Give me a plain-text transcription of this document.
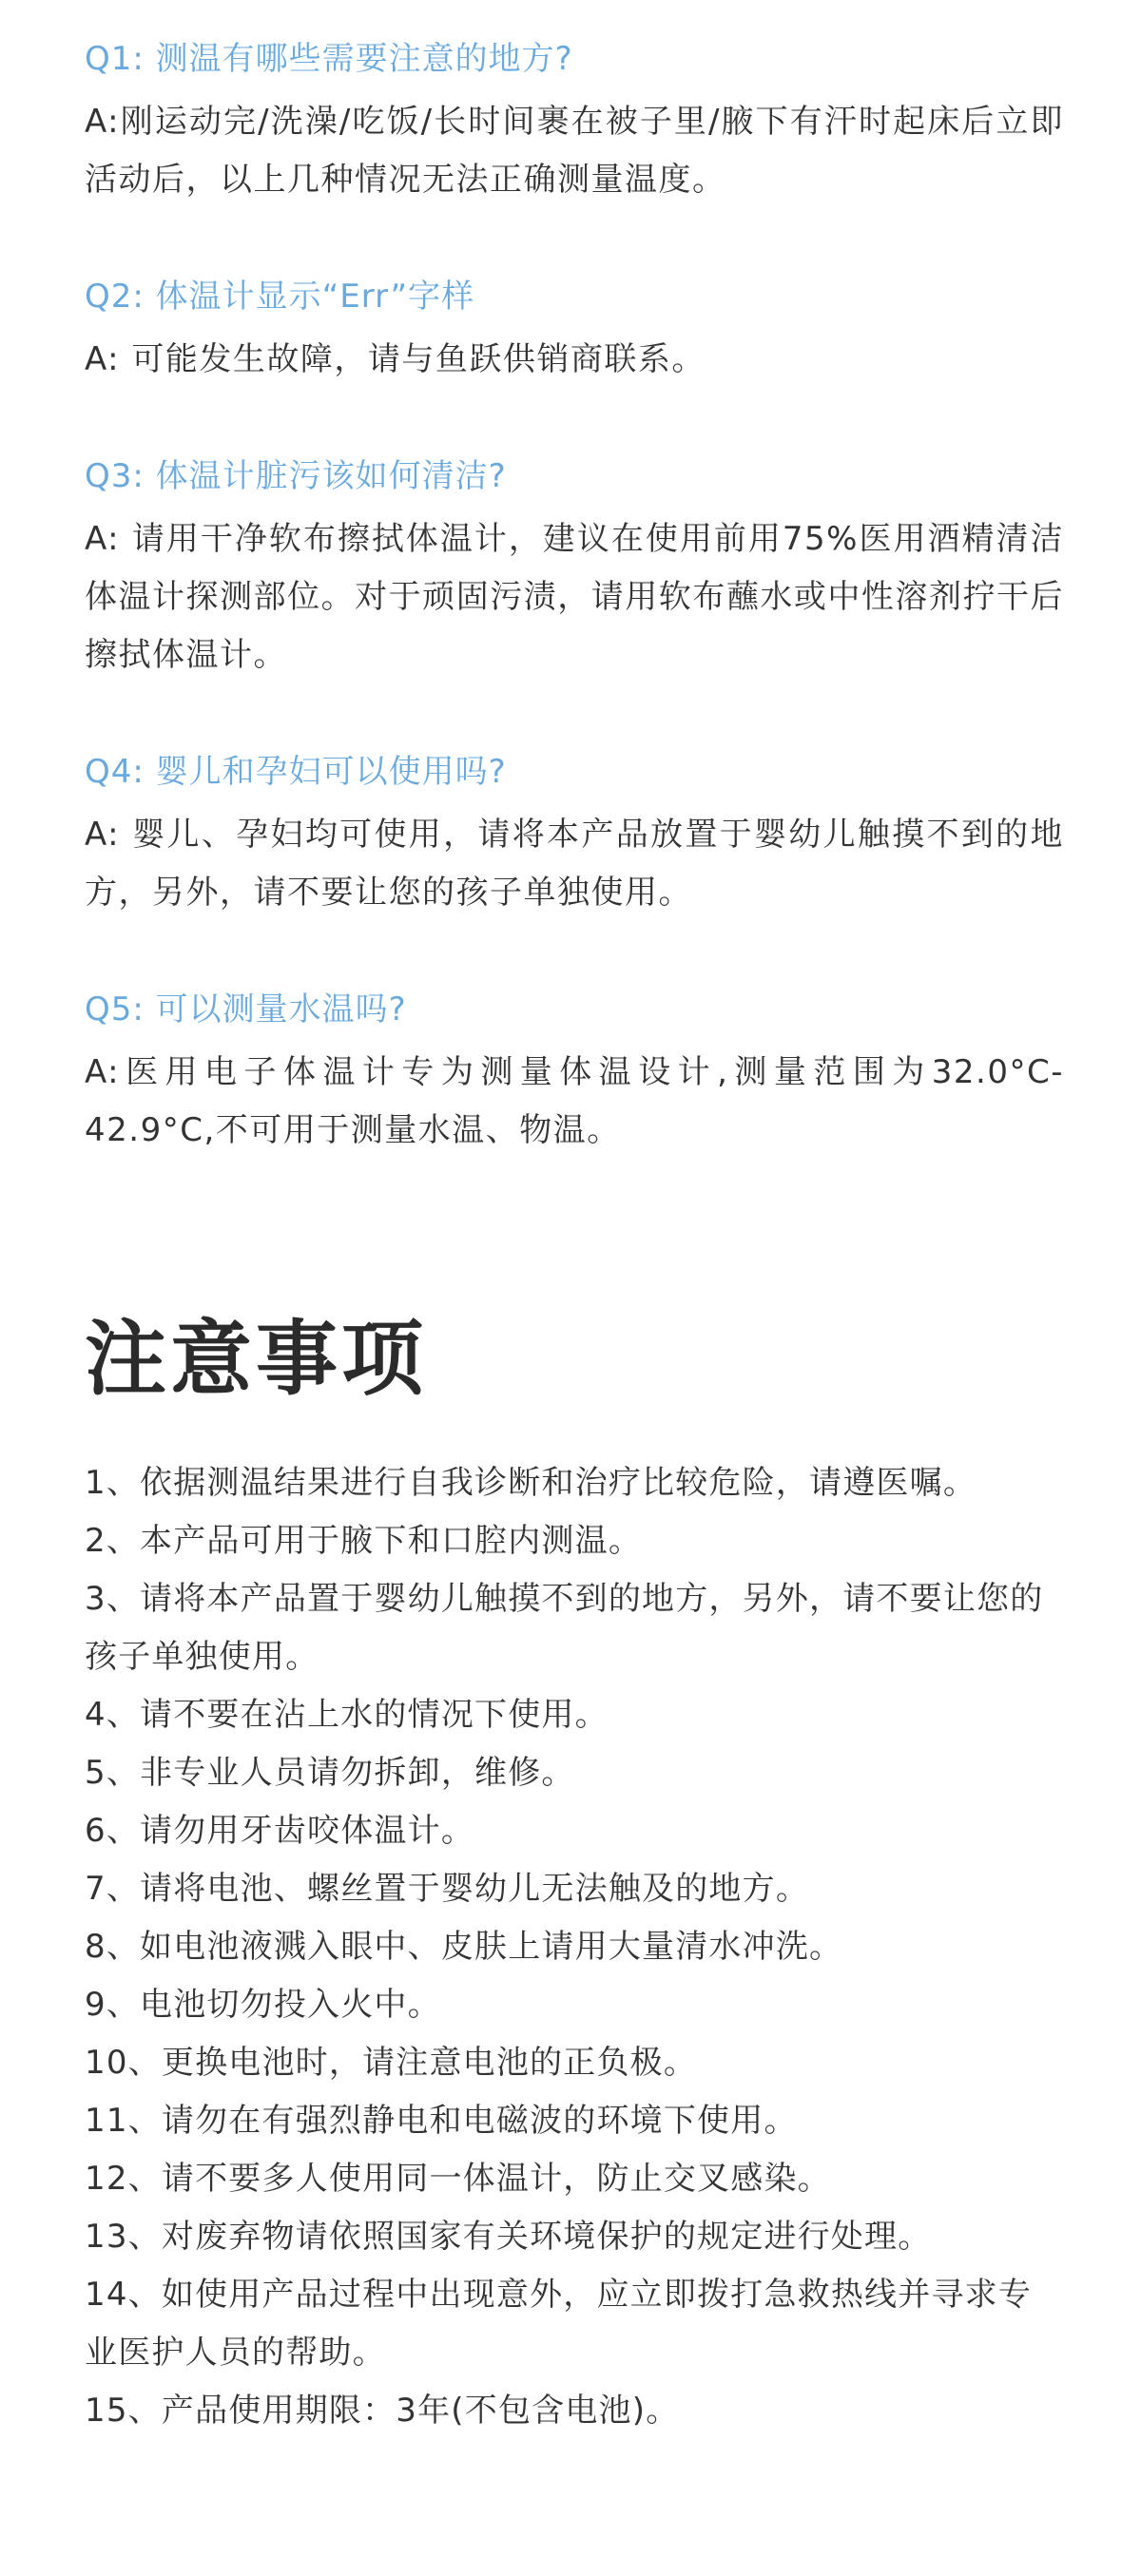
Q1: 测温有哪些需要注意的地方?

A:刚运动完/洗澡/吃饭/长时间裹在被子里/腋下有汗时起床后立即活动后，以上几种情况无法正确测量温度。

Q2: 体温计显示“Err”字样

A: 可能发生故障，请与鱼跃供销商联系。

Q3: 体温计脏污该如何清洁?

A: 请用干净软布擦拭体温计，建议在使用前用75%医用酒精清洁体温计探测部位。对于顽固污渍，请用软布蘸水或中性溶剂拧干后擦拭体温计。

Q4: 婴儿和孕妇可以使用吗?

A: 婴儿、孕妇均可使用，请将本产品放置于婴幼儿触摸不到的地方，另外，请不要让您的孩子单独使用。

Q5: 可以测量水温吗?

A:医用电子体温计专为测量体温设计,测量范围为32.0°C-42.9°C,不可用于测量水温、物温。

注意事项
1、依据测温结果进行自我诊断和治疗比较危险，请遵医嘱。
2、本产品可用于腋下和口腔内测温。
3、请将本产品置于婴幼儿触摸不到的地方，另外，请不要让您的孩子单独使用。
4、请不要在沾上水的情况下使用。
5、非专业人员请勿拆卸，维修。
6、请勿用牙齿咬体温计。
7、请将电池、螺丝置于婴幼儿无法触及的地方。
8、如电池液溅入眼中、皮肤上请用大量清水冲洗。
9、电池切勿投入火中。
10、更换电池时，请注意电池的正负极。
11、请勿在有强烈静电和电磁波的环境下使用。
12、请不要多人使用同一体温计，防止交叉感染。
13、对废弃物请依照国家有关环境保护的规定进行处理。
14、如使用产品过程中出现意外，应立即拨打急救热线并寻求专业医护人员的帮助。
15、产品使用期限：3年(不包含电池)。
